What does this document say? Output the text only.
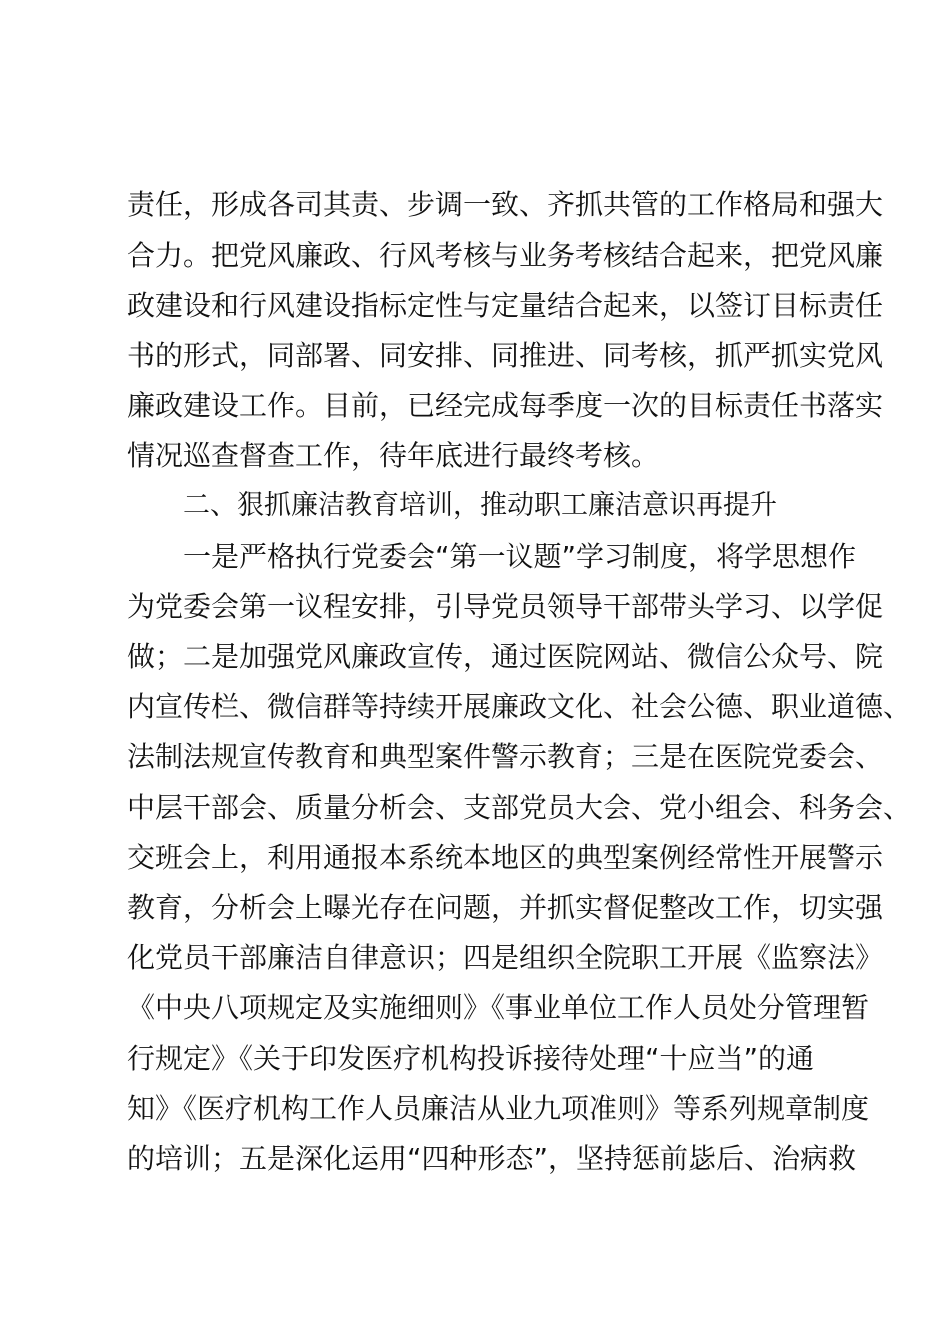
责任，形成各司其责、步调一致、齐抓共管的工作格局和强大
合力。把党风廉政、行风考核与业务考核结合起来，把党风廉
政建设和行风建设指标定性与定量结合起来，以签订目标责任
书的形式，同部署、同安排、同推进、同考核，抓严抓实党风
廉政建设工作。目前，已经完成每季度一次的目标责任书落实
情况巡查督查工作，待年底进行最终考核。
二、狠抓廉洁教育培训，推动职工廉洁意识再提升
一是严格执行党委会“第一议题”学习制度，将学思想作
为党委会第一议程安排，引导党员领导干部带头学习、以学促
做；二是加强党风廉政宣传，通过医院网站、微信公众号、院
内宣传栏、微信群等持续开展廉政文化、社会公德、职业道德、
法制法规宣传教育和典型案件警示教育；三是在医院党委会、
中层干部会、质量分析会、支部党员大会、党小组会、科务会、
交班会上，利用通报本系统本地区的典型案例经常性开展警示
教育，分析会上曝光存在问题，并抓实督促整改工作，切实强
化党员干部廉洁自律意识；四是组织全院职工开展《监察法》
《中央八项规定及实施细则》《事业单位工作人员处分管理暂
行规定》《关于印发医疗机构投诉接待处理“十应当”的通
知》《医疗机构工作人员廉洁从业九项准则》等系列规章制度
的培训；五是深化运用“四种形态”，坚持惩前毖后、治病救
